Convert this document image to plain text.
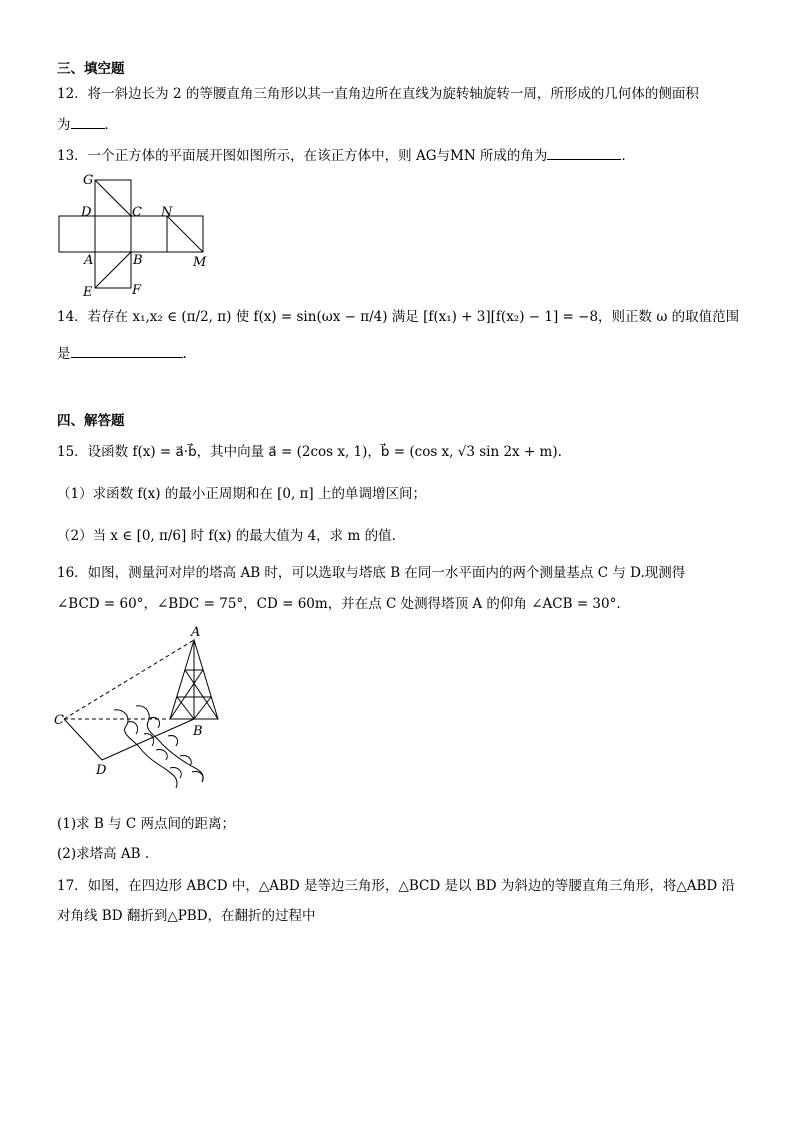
三、填空题
12．将一斜边长为 2 的等腰直角三角形以其一直角边所在直线为旋转轴旋转一周，所形成的几何体的侧面积
为	．
13．一个正方体的平面展开图如图所示，在该正方体中，则 AG与MN 所成的角为	．
G
D	C N
A	B	M
E	F
14．若存在 x₁,x₂ ∈ (π/2, π) 使 f(x) = sin(ωx − π/4) 满足 [f(x₁) + 3][f(x₂) − 1] = −8，则正数 ω 的取值范围
是	.
四、解答题
15．设函数 f(x) = a⃗·b⃗，其中向量 a⃗ = (2cos x, 1)，b⃗ = (cos x, √3 sin 2x + m).
（1）求函数 f(x) 的最小正周期和在 [0, π] 上的单调增区间；
（2）当 x ∈ [0, π/6] 时 f(x) 的最大值为 4，求 m 的值.
16．如图，测量河对岸的塔高 AB 时，可以选取与塔底 B 在同一水平面内的两个测量基点 C 与 D.现测得
∠BCD = 60°，∠BDC = 75°，CD = 60m，并在点 C 处测得塔顶 A 的仰角 ∠ACB = 30°.
A
B
C
D
(1)求 B 与 C 两点间的距离；
(2)求塔高 AB .
17．如图，在四边形 ABCD 中，△ABD 是等边三角形，△BCD 是以 BD 为斜边的等腰直角三角形，将△ABD 沿
对角线 BD 翻折到△PBD，在翻折的过程中
